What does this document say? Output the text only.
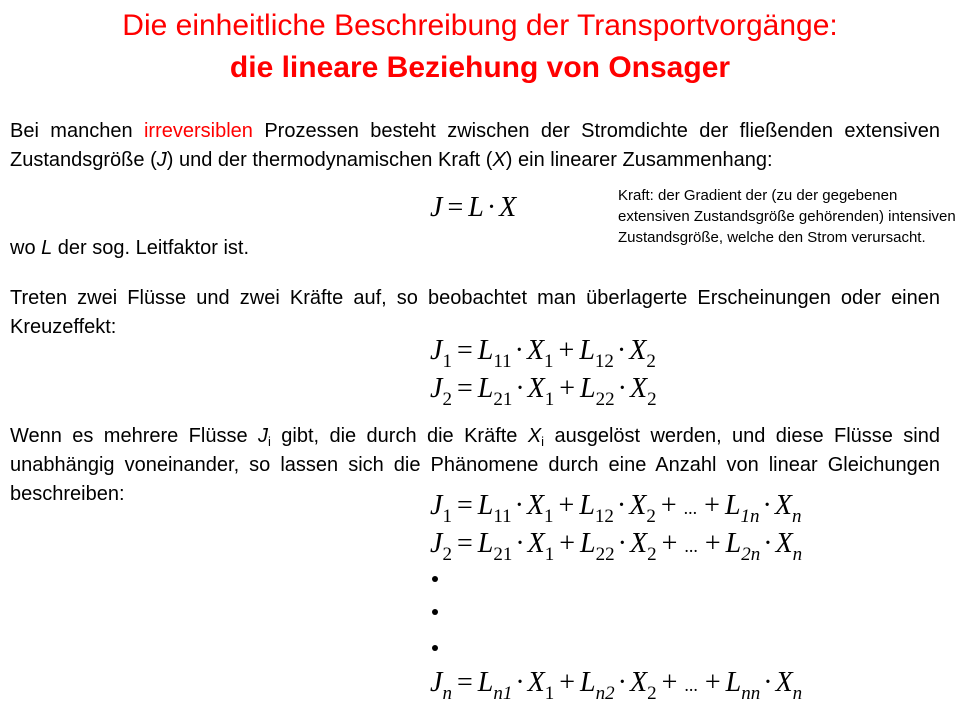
Die einheitliche Beschreibung der Transportvorgänge:
die lineare Beziehung von Onsager
Bei manchen irreversiblen Prozessen besteht zwischen der Stromdichte der fließenden extensiven Zustandsgröße (J) und der thermodynamischen Kraft (X) ein linearer Zusammenhang:
J = L · X	Kraft: der Gradient der (zu der gegebenen extensiven Zustandsgröße gehörenden) intensiven Zustandsgröße, welche den Strom verursacht.
wo L der sog. Leitfaktor ist.
Treten zwei Flüsse und zwei Kräfte auf, so beobachtet man überlagerte Erscheinungen oder einen Kreuzeffekt:
$J_1 = L_{11} \cdot X_1 + L_{12} \cdot X_2$
$J_2 = L_{21} \cdot X_1 + L_{22} \cdot X_2$
Wenn es mehrere Flüsse $J_i$ gibt, die durch die Kräfte $X_i$ ausgelöst werden, und diese Flüsse sind unabhängig voneinander, so lassen sich die Phänomene durch eine Anzahl von linear Gleichungen beschreiben:	$J_1 = L_{11} \cdot X_1 + L_{12} \cdot X_2$ + ... + $L_{1n} \cdot X_n$
$J_2 = L_{21} \cdot X_1 + L_{22} \cdot X_2$ + ... + $L_{2n} \cdot X_n$
$J_n = L_{n1} \cdot X_1 + L_{n2} \cdot X_2$ + ... + $L_{nn} \cdot X_n$
